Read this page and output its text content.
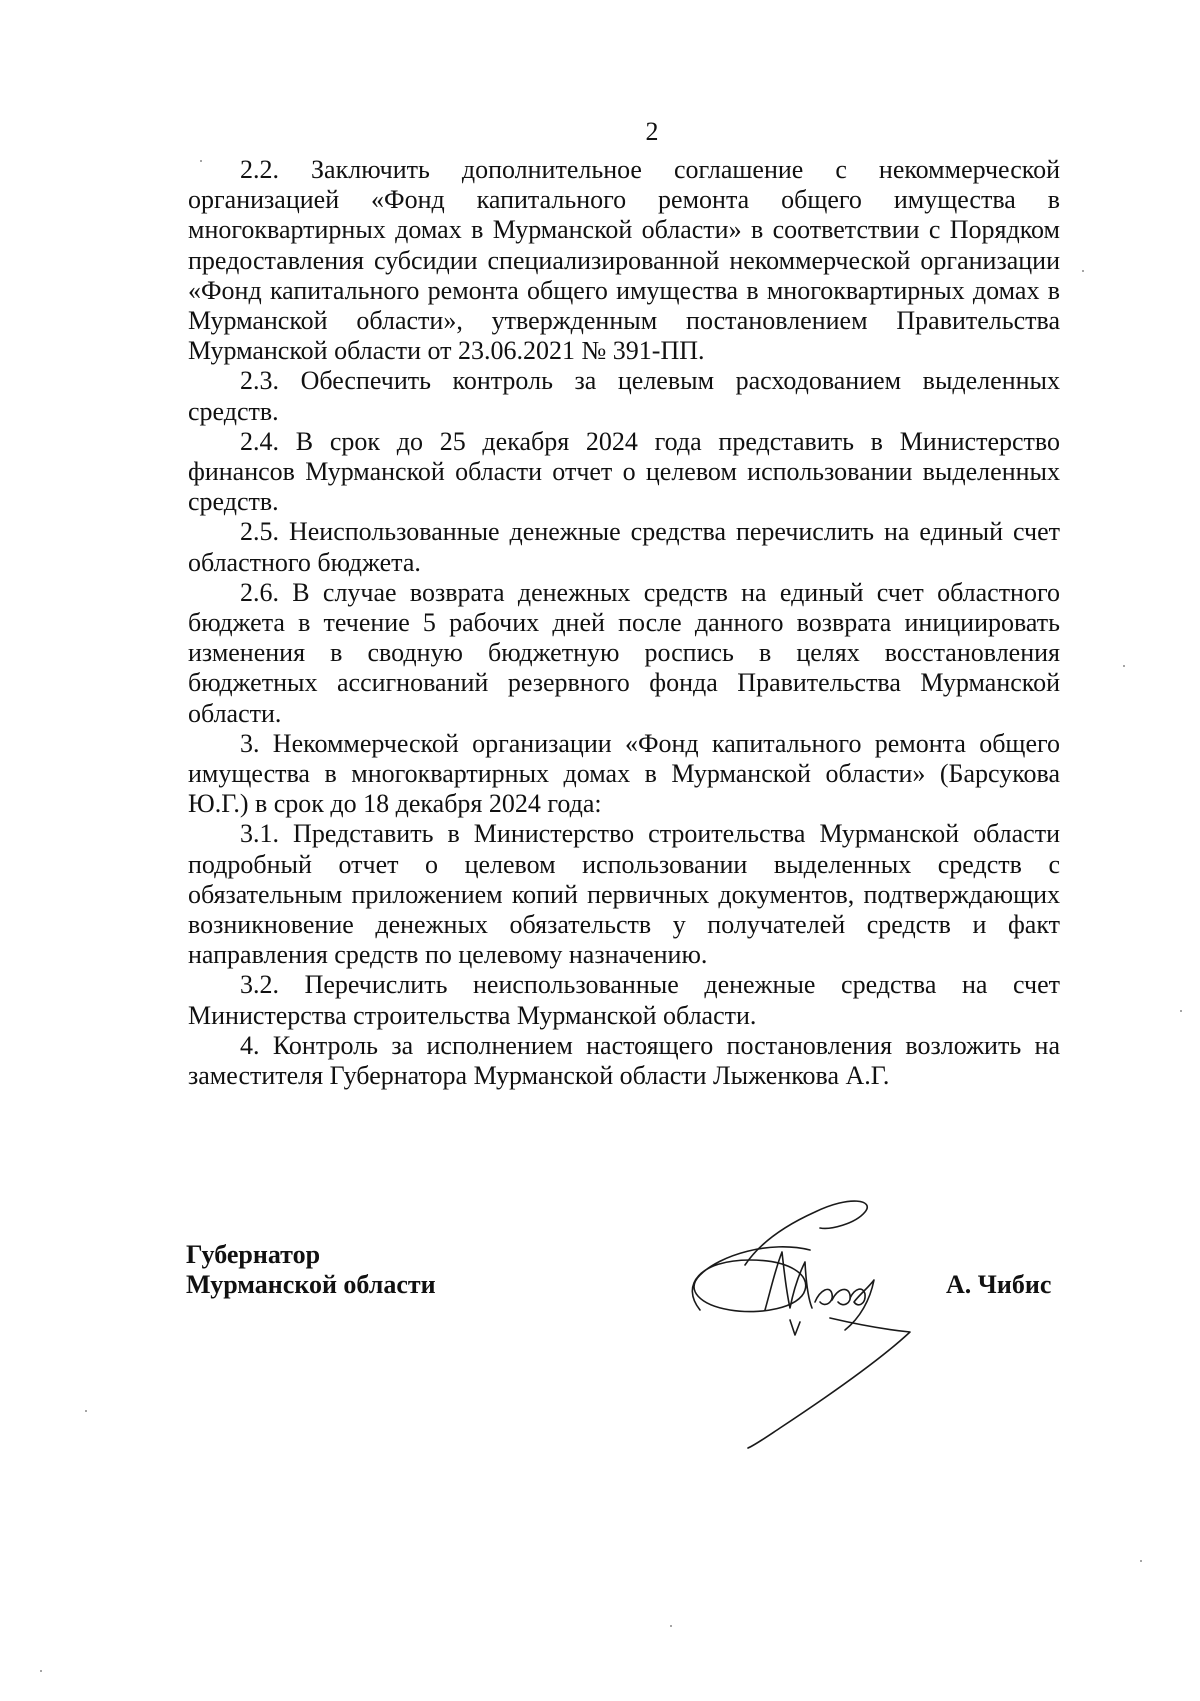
2

2.2. Заключить дополнительное соглашение с некоммерческой организацией «Фонд капитального ремонта общего имущества в многоквартирных домах в Мурманской области» в соответствии с Порядком предоставления субсидии специализированной некоммерческой организации «Фонд капитального ремонта общего имущества в многоквартирных домах в Мурманской области», утвержденным постановлением Правительства Мурманской области от 23.06.2021 № 391-ПП.

2.3. Обеспечить контроль за целевым расходованием выделенных средств.

2.4. В срок до 25 декабря 2024 года представить в Министерство финансов Мурманской области отчет о целевом использовании выделенных средств.

2.5. Неиспользованные денежные средства перечислить на единый счет областного бюджета.

2.6. В случае возврата денежных средств на единый счет областного бюджета в течение 5 рабочих дней после данного возврата инициировать изменения в сводную бюджетную роспись в целях восстановления бюджетных ассигнований резервного фонда Правительства Мурманской области.

3. Некоммерческой организации «Фонд капитального ремонта общего имущества в многоквартирных домах в Мурманской области» (Барсукова Ю.Г.) в срок до 18 декабря 2024 года:

3.1. Представить в Министерство строительства Мурманской области подробный отчет о целевом использовании выделенных средств с обязательным приложением копий первичных документов, подтверждающих возникновение денежных обязательств у получателей средств и факт направления средств по целевому назначению.

3.2. Перечислить неиспользованные денежные средства на счет Министерства строительства Мурманской области.

4. Контроль за исполнением настоящего постановления возложить на заместителя Губернатора Мурманской области Лыженкова А.Г.

Губернатор
Мурманской области	А. Чибис
